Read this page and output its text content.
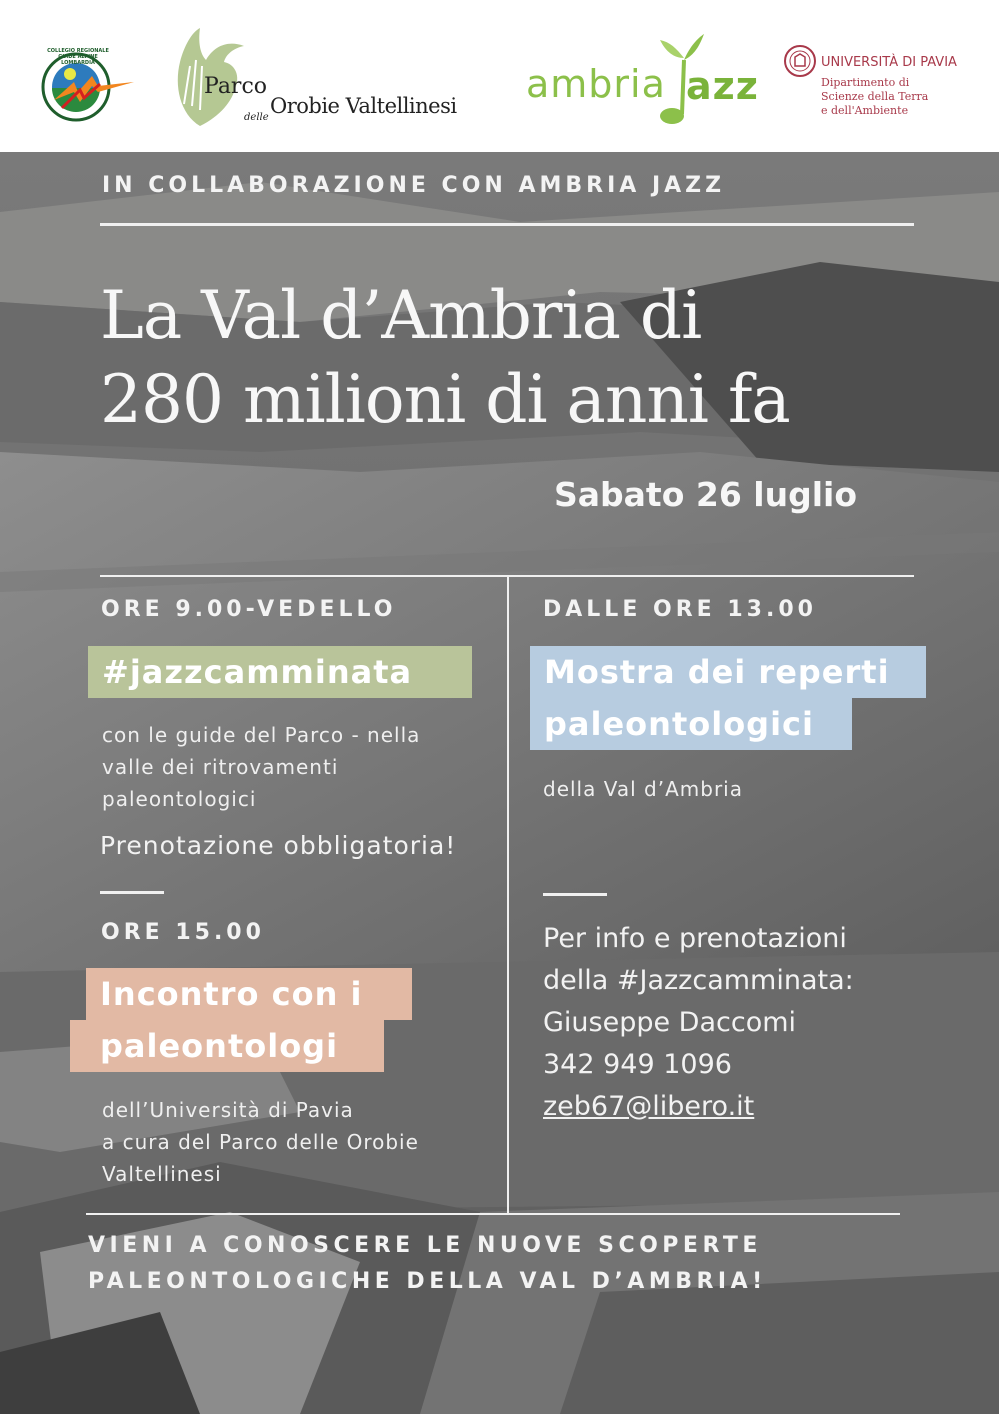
COLLEGIO REGIONALE GUIDE ALPINE LOMBARDIA
Parco
delle Orobie Valtellinesi ambria azz
UNIVERSITÀ DI PAVIA
Dipartimento di
Scienze della Terra
e dell'Ambiente
IN COLLABORAZIONE CON AMBRIA JAZZ
La Val d’Ambria di
280 milioni di anni fa
Sabato 26 luglio
ORE 9.00-VEDELLO
#jazzcamminata
con le guide del Parco - nella
valle dei ritrovamenti
paleontologici
Prenotazione obbligatoria!
ORE 15.00
Incontro con i
paleontologi
dell’Università di Pavia
a cura del Parco delle Orobie
Valtellinesi
DALLE ORE 13.00
Mostra dei reperti
paleontologici
della Val d’Ambria
Per info e prenotazioni
della #Jazzcamminata:
Giuseppe Daccomi
342 949 1096
zeb67@libero.it
VIENI A CONOSCERE LE NUOVE SCOPERTE
PALEONTOLOGICHE DELLA VAL D’AMBRIA!
